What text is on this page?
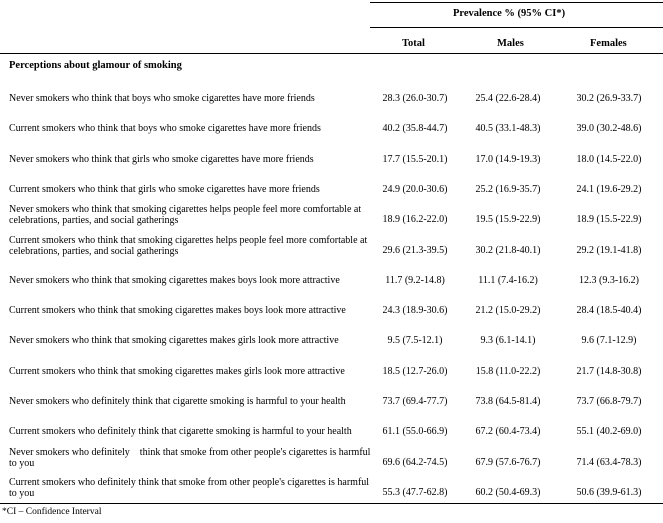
Prevalence % (95% CI*)
Total	Males	Females
Perceptions about glamour of smoking
Never smokers who think that boys who smoke cigarettes have more friends	28.3 (26.0-30.7)	25.4 (22.6-28.4)	30.2 (26.9-33.7)
Current smokers who think that boys who smoke cigarettes have more friends	40.2 (35.8-44.7)	40.5 (33.1-48.3)	39.0 (30.2-48.6)
Never smokers who think that girls who smoke cigarettes have more friends	17.7 (15.5-20.1)	17.0 (14.9-19.3)	18.0 (14.5-22.0)
Current smokers who think that girls who smoke cigarettes have more friends	24.9 (20.0-30.6)	25.2 (16.9-35.7)	24.1 (19.6-29.2)
Never smokers who think that smoking cigarettes helps people feel more comfortable at celebrations, parties, and social gatherings	18.9 (16.2-22.0)	19.5 (15.9-22.9)	18.9 (15.5-22.9)
Current smokers who think that smoking cigarettes helps people feel more comfortable at celebrations, parties, and social gatherings	29.6 (21.3-39.5)	30.2 (21.8-40.1)	29.2 (19.1-41.8)
Never smokers who think that smoking cigarettes makes boys look more attractive	11.7 (9.2-14.8)	11.1 (7.4-16.2)	12.3 (9.3-16.2)
Current smokers who think that smoking cigarettes makes boys look more attractive	24.3 (18.9-30.6)	21.2 (15.0-29.2)	28.4 (18.5-40.4)
Never smokers who think that smoking cigarettes makes girls look more attractive	9.5 (7.5-12.1)	9.3 (6.1-14.1)	9.6 (7.1-12.9)
Current smokers who think that smoking cigarettes makes girls look more attractive	18.5 (12.7-26.0)	15.8 (11.0-22.2)	21.7 (14.8-30.8)
Never smokers who definitely think that cigarette smoking is harmful to your health	73.7 (69.4-77.7)	73.8 (64.5-81.4)	73.7 (66.8-79.7)
Current smokers who definitely think that cigarette smoking is harmful to your health	61.1 (55.0-66.9)	67.2 (60.4-73.4)	55.1 (40.2-69.0)
Never smokers who definitely    think that smoke from other people's cigarettes is harmful to you	69.6 (64.2-74.5)	67.9 (57.6-76.7)	71.4 (63.4-78.3)
Current smokers who definitely think that smoke from other people's cigarettes is harmful to you	55.3 (47.7-62.8)	60.2 (50.4-69.3)	50.6 (39.9-61.3)
*CI – Confidence Interval
